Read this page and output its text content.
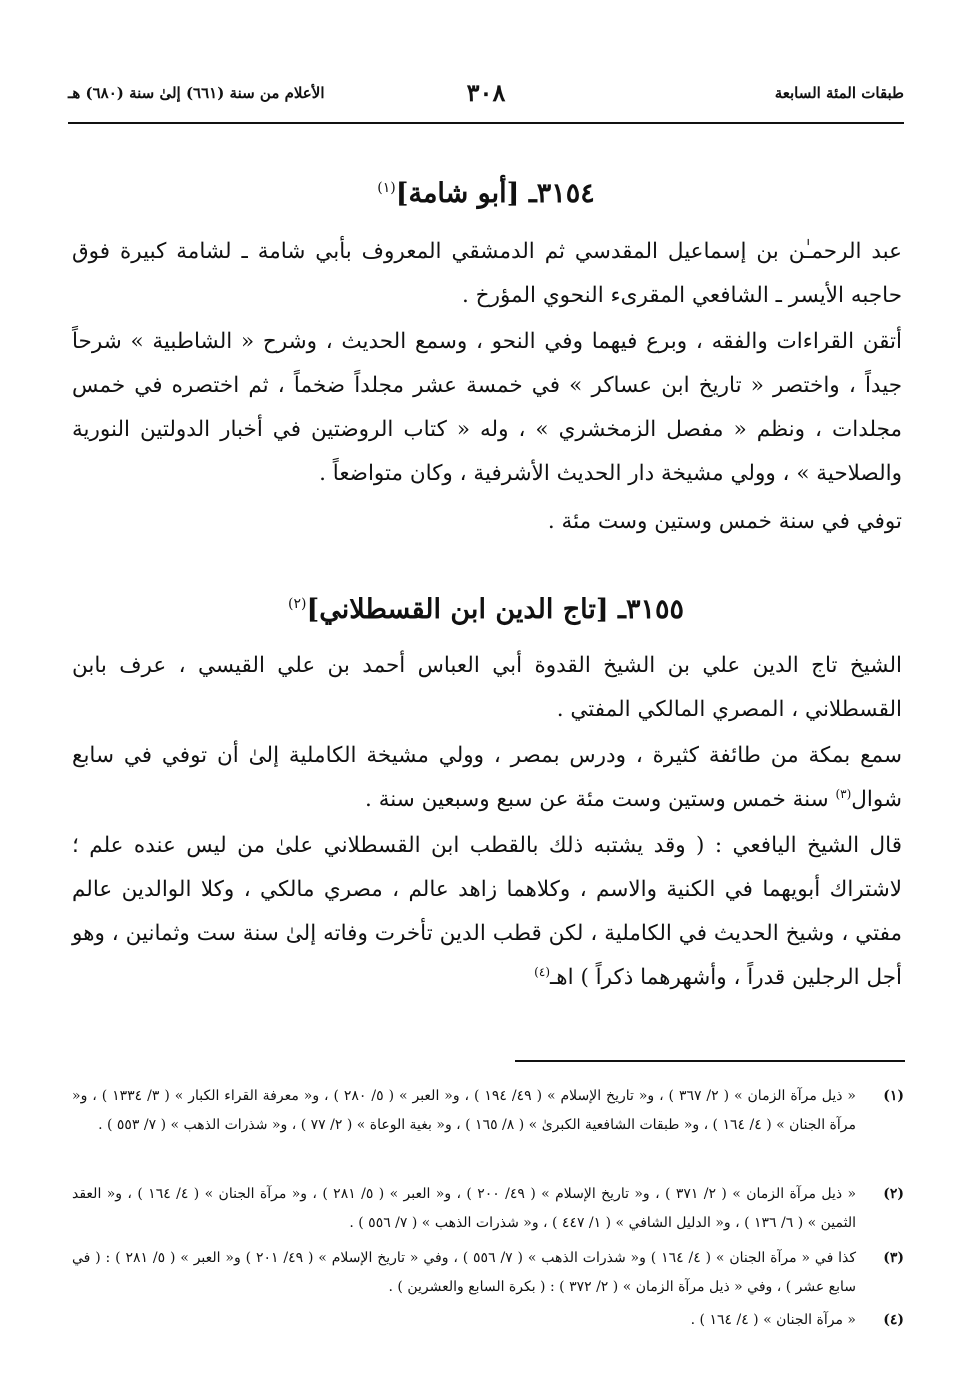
طبقات المئة السابعة
٣٠٨
الأعلام من سنة (٦٦١) إلىٰ سنة (٦٨٠) هـ
٣١٥٤ـ [أبو شامة]$^{(١)}$

عبد الرحمـٰن بن إسماعيل المقدسي ثم الدمشقي المعروف بأبي شامة ـ لشامة كبيرة فوق حاجبه الأيسر ـ الشافعي المقرىء النحوي المؤرخ .

أتقن القراءات والفقه ، وبرع فيهما وفي النحو ، وسمع الحديث ، وشرح « الشاطبية » شرحاً جيداً ، واختصر « تاريخ ابن عساكر » في خمسة عشر مجلداً ضخماً ، ثم اختصره في خمس مجلدات ، ونظم « مفصل الزمخشري » ، وله « كتاب الروضتين في أخبار الدولتين النورية والصلاحية » ، وولي مشيخة دار الحديث الأشرفية ، وكان متواضعاً .

توفي في سنة خمس وستين وست مئة .

٣١٥٥ـ [تاج الدين ابن القسطلاني]$^{(٢)}$

الشيخ تاج الدين علي بن الشيخ القدوة أبي العباس أحمد بن علي القيسي ، عرف بابن القسطلاني ، المصري المالكي المفتي .

سمع بمكة من طائفة كثيرة ، ودرس بمصر ، وولي مشيخة الكاملية إلىٰ أن توفي في سابع شوال$^{(٣)}$ سنة خمس وستين وست مئة عن سبع وسبعين سنة .

قال الشيخ اليافعي : ( وقد يشتبه ذلك بالقطب ابن القسطلاني علىٰ من ليس عنده علم ؛ لاشتراك أبويهما في الكنية والاسم ، وكلاهما زاهد عالم ، مصري مالكي ، وكلا الوالدين عالم مفتي ، وشيخ الحديث في الكاملية ، لكن قطب الدين تأخرت وفاته إلىٰ سنة ست وثمانين ، وهو أجل الرجلين قدراً ، وأشهرهما ذكراً ) اهـ$^{(٤)}$

(١)
« ذيل مرآة الزمان » ( ٢/ ٣٦٧ ) ، و« تاريخ الإسلام » ( ٤٩/ ١٩٤ ) ، و« العبر » ( ٥/ ٢٨٠ ) ، و« معرفة القراء الكبار » ( ٣/ ١٣٣٤ ) ، و« مرآة الجنان » ( ٤/ ١٦٤ ) ، و« طبقات الشافعية الكبرىٰ » ( ٨/ ١٦٥ ) ، و« بغية الوعاة » ( ٢/ ٧٧ ) ، و« شذرات الذهب » ( ٧/ ٥٥٣ ) .
(٢)
« ذيل مرآة الزمان » ( ٢/ ٣٧١ ) ، و« تاريخ الإسلام » ( ٤٩/ ٢٠٠ ) ، و« العبر » ( ٥/ ٢٨١ ) ، و« مرآة الجنان » ( ٤/ ١٦٤ ) ، و« العقد الثمين » ( ٦/ ١٣٦ ) ، و« الدليل الشافي » ( ١/ ٤٤٧ ) ، و« شذرات الذهب » ( ٧/ ٥٥٦ ) .
(٣)
كذا في « مرآة الجنان » ( ٤/ ١٦٤ ) و« شذرات الذهب » ( ٧/ ٥٥٦ ) ، وفي « تاريخ الإسلام » ( ٤٩/ ٢٠١ ) و« العبر » ( ٥/ ٢٨١ ) : ( في سابع عشر ) ، وفي « ذيل مرآة الزمان » ( ٢/ ٣٧٢ ) : ( بكرة السابع والعشرين ) .
(٤)
« مرآة الجنان » ( ٤/ ١٦٤ ) .
